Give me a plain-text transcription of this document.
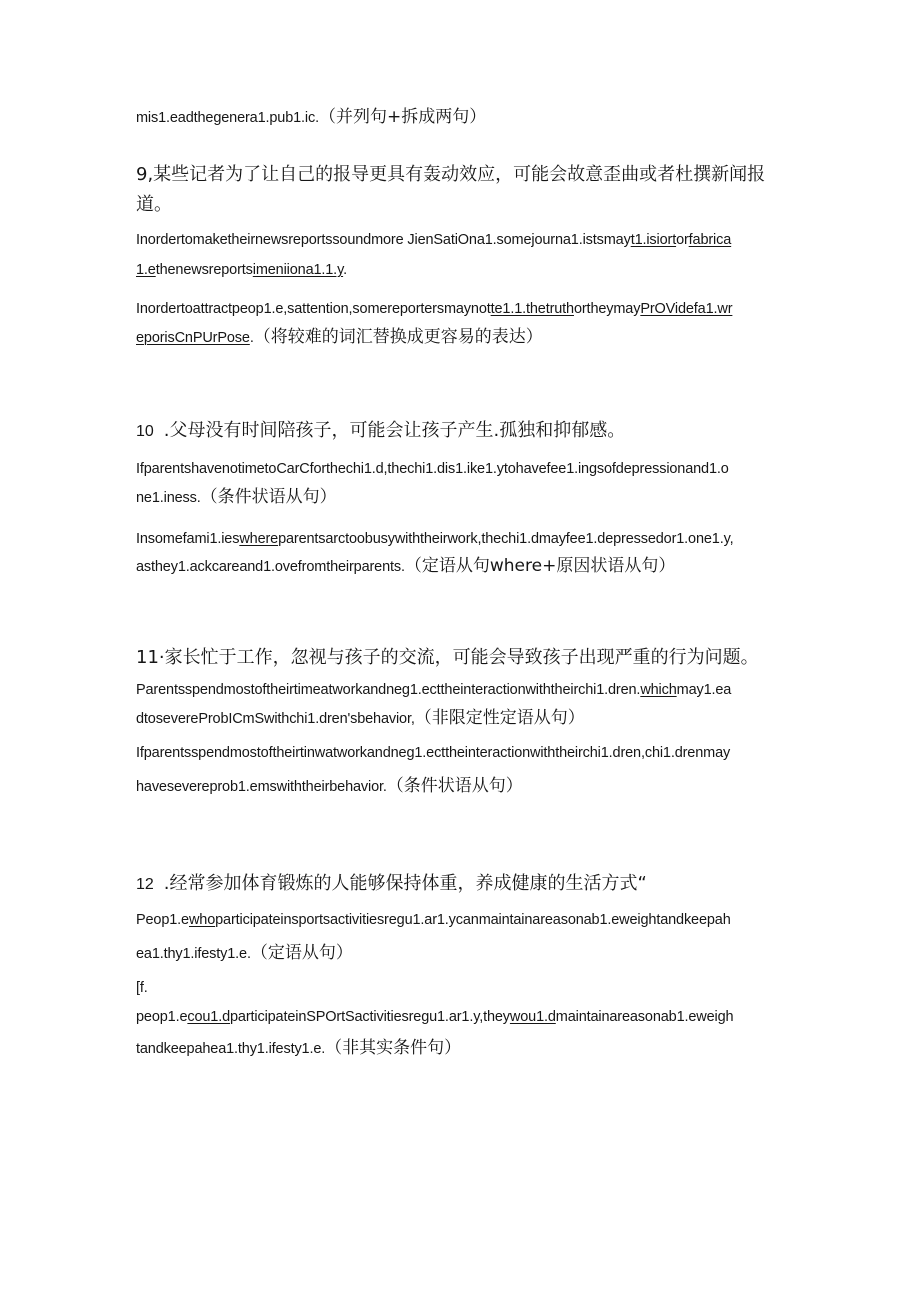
mis1.eadthegenera1.pub1.ic.（并列句+拆成两句）
9,某些记者为了让自己的报导更具有轰动效应，可能会故意歪曲或者杜撰新闻报
道。
Inordertomaketheirnewsreportssoundmore JienSatiOna1.somejourna1.istsmayt1.isiortorfabrica
1.ethenewsreportsimeniiona1.1.y.
Inordertoattractpeop1.e,sattention,somereportersmaynotte1.1.thetruthortheymayPrOVidefa1.wr
eporisCnPUrPose.（将较难的词汇替换成更容易的表达）
10 .父母没有时间陪孩子，可能会让孩子产生.孤独和抑郁感。
IfparentshavenotimetoCarCforthechi1.d,thechi1.dis1.ike1.ytohavefee1.ingsofdepressionand1.o
ne1.iness.（条件状语从句）
Insomefami1.ieswhereparentsarctoobusywiththeirwork,thechi1.dmayfee1.depressedor1.one1.y,
asthey1.ackcareand1.ovefromtheirparents.（定语从句where+原因状语从句）
11·家长忙于工作，忽视与孩子的交流，可能会导致孩子出现严重的行为问题。
Parentsspendmostoftheirtimeatworkandneg1.ecttheinteractionwiththeirchi1.dren.whichmay1.ea
dtosevereProbICmSwithchi1.dren'sbehavior,（非限定性定语从句）
Ifparentsspendmostoftheirtinwatworkandneg1.ecttheinteractionwiththeirchi1.dren,chi1.drenmay
havesevereprob1.emswiththeirbehavior.（条件状语从句）
12 .经常参加体育锻炼的人能够保持体重，养成健康的生活方式“
Peop1.ewhoparticipateinsportsactivitiesregu1.ar1.ycanmaintainareasonab1.eweightandkeepah
ea1.thy1.ifesty1.e.（定语从句）
[f.
peop1.ecou1.dparticipateinSPOrtSactivitiesregu1.ar1.y,theywou1.dmaintainareasonab1.eweigh
tandkeepahea1.thy1.ifesty1.e.（非其实条件句）
